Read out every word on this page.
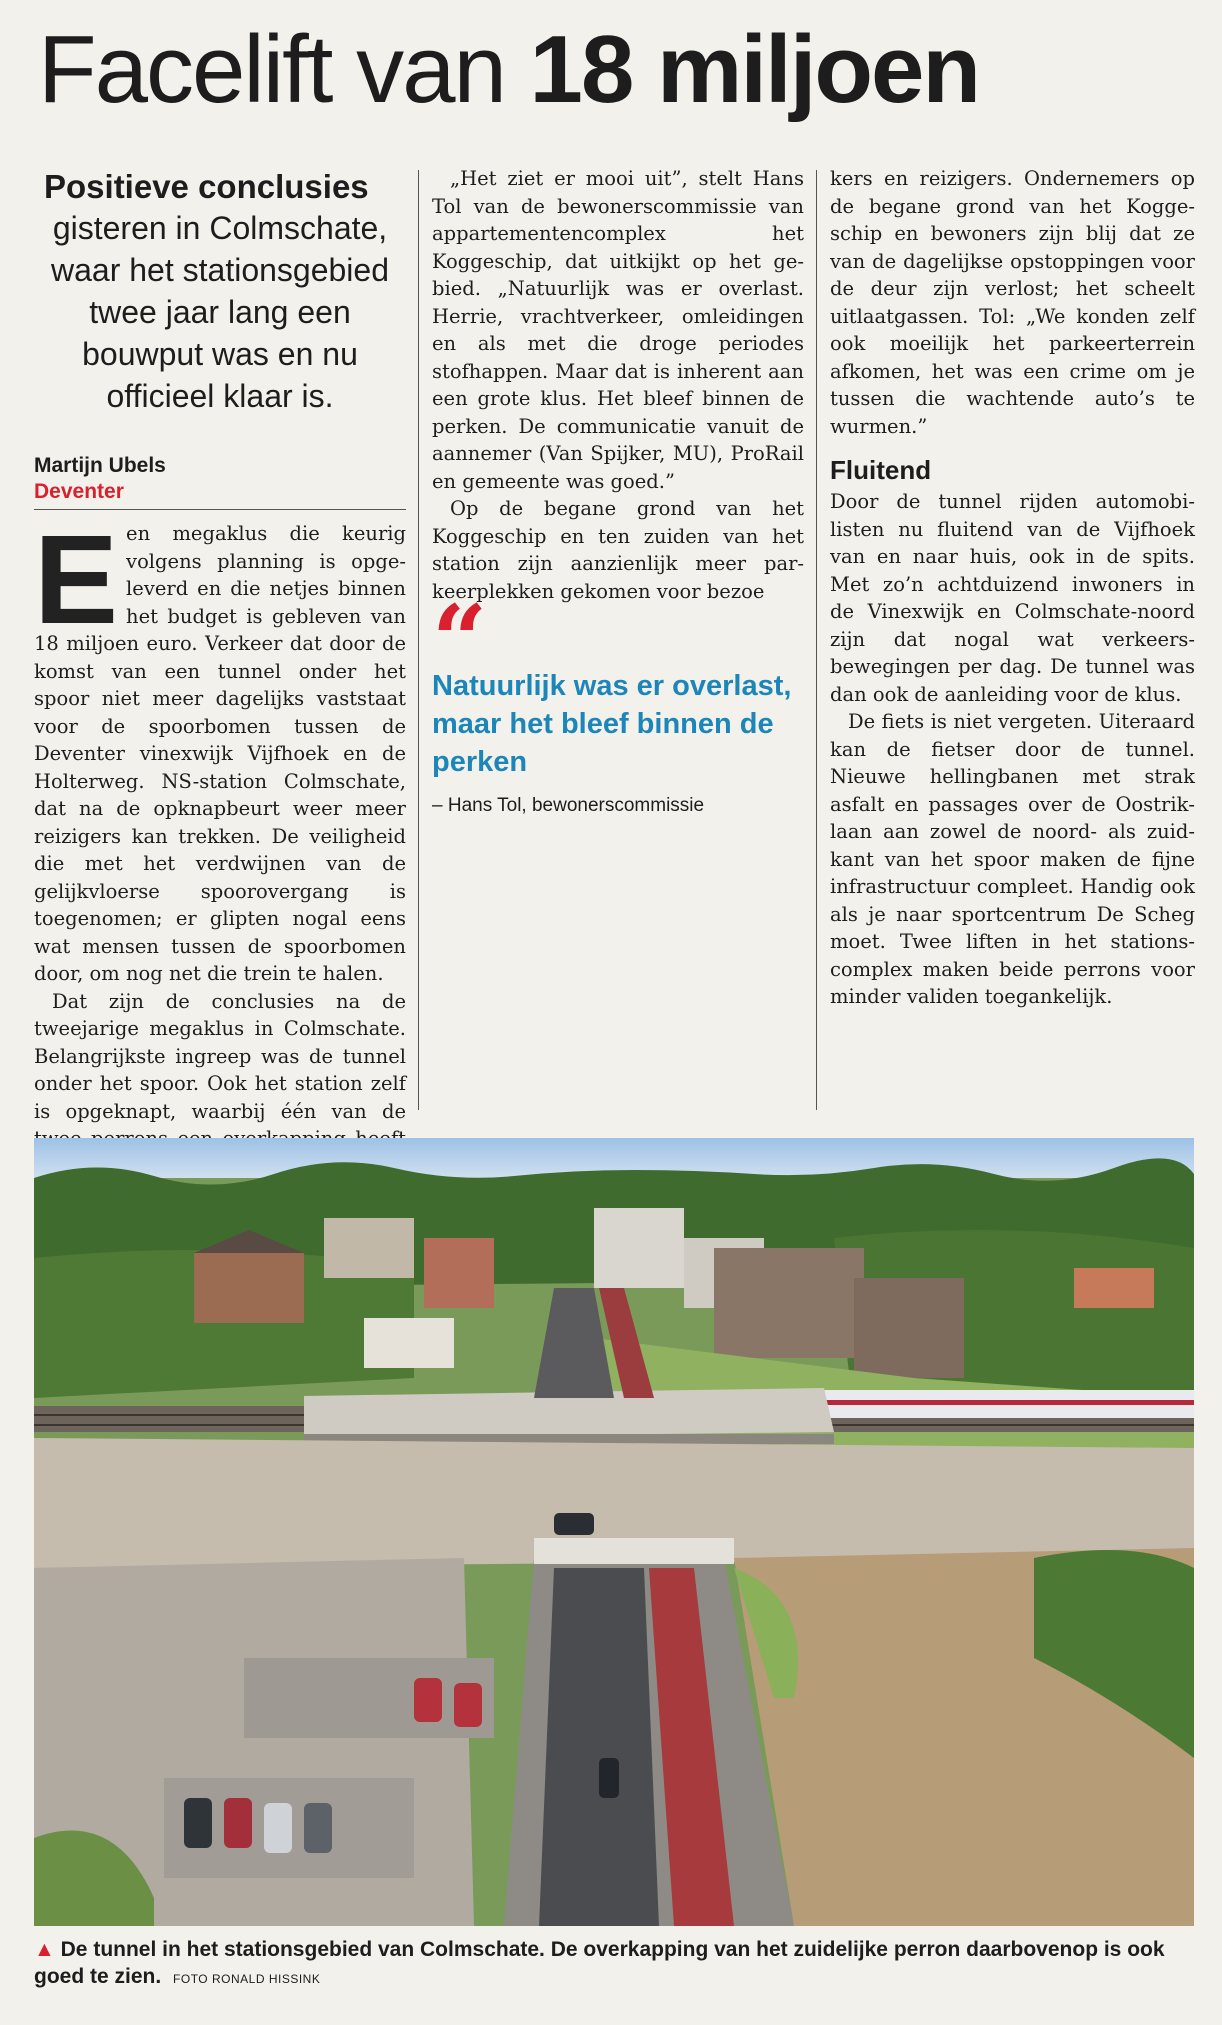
Facelift van 18 miljoen
Positieve conclusies

gisteren in Colmschate, waar het stationsgebied twee jaar lang een bouwput was en nu officieel klaar is.

Martijn Ubels
Deventer

Een megaklus die keurig volgens planning is opgeleverd en die netjes binnen het budget is gebleven van 18 miljoen euro. Verkeer dat door de komst van een tunnel onder het spoor niet meer dagelijks vaststaat voor de spoorbomen tussen de Deventer vinexwijk Vijfhoek en de Holterweg. NS-station Colmschate, dat na de opknapbeurt weer meer reizigers kan trekken. De veiligheid die met het verdwijnen van de gelijkvloerse spoorovergang is toegenomen; er glipten nogal eens wat mensen tussen de spoorbomen door, om nog net die trein te halen.

Dat zijn de conclusies na de tweejarige megaklus in Colmschate. Belangrijkste ingreep was de tunnel onder het spoor. Ook het station zelf is opgeknapt, waarbij één van de

„Het ziet er mooi uit”, stelt Hans Tol van de bewonerscommissie van appartementencomplex het Koggeschip, dat uitkijkt op het gebied. „Natuurlijk was er overlast. Herrie, vrachtverkeer, omleidingen en als met die droge periodes stofhappen. Maar dat is inherent aan een grote klus. Het bleef binnen de perken. De communicatie vanuit de aannemer (Van Spijker, MU), ProRail en gemeente was goed.”

Op de begane grond van het Koggeschip en ten zuiden van het station zijn aanzienlijk meer parkeerplekken gekomen voor bezoe

“
Natuurlijk was er overlast, maar het bleef binnen de perken
– Hans Tol, bewonerscommissie

kers en reizigers. Ondernemers op de begane grond van het Koggeschip en bewoners zijn blij dat ze van de dagelijkse opstoppingen voor de deur zijn verlost; het scheelt uitlaatgassen. Tol: „We konden zelf ook moeilijk het parkeerterrein afkomen, het was een crime om je tussen die wachtende auto’s te wurmen.”

Fluitend

Door de tunnel rijden automobilisten nu fluitend van de Vijfhoek van en naar huis, ook in de spits. Met zo’n achtduizend inwoners in de Vinexwijk en Colmschate-noord zijn dat nogal wat verkeersbewegingen per dag. De tunnel was dan ook de aanleiding voor de klus.

De fiets is niet vergeten. Uiteraard kan de fietser door de tunnel. Nieuwe hellingbanen met strak asfalt en passages over de Oostriklaan aan zowel de noord- als zuidkant van het spoor maken de fijne infrastructuur compleet. Handig ook als je naar sportcentrum De Scheg moet. Twee liften in het stationscomplex maken beide perrons voor minder validen toegankelijk.

▲ De tunnel in het stationsgebied van Colmschate. De overkapping van het zuidelijke perron daarbovenop is ook goed te zien. FOTO RONALD HISSINK
